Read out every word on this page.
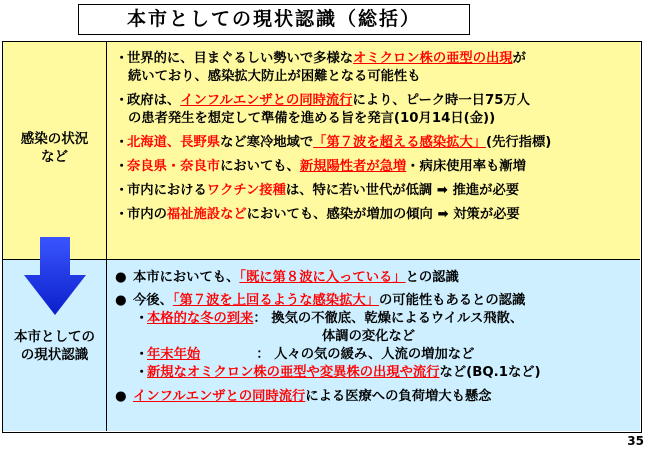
本市としての現状認識（総括）
感染の状況
など
・世界的に、目まぐるしい勢いで多様なオミクロン株の亜型の出現が
続いており、感染拡大防止が困難となる可能性も
・政府は、インフルエンザとの同時流行により、ピーク時一日75万人
の患者発生を想定して準備を進める旨を発言(10月14日(金))
・北海道、長野県など寒冷地域で「第７波を超える感染拡大」(先行指標)
・奈良県・奈良市においても、新規陽性者が急増・病床使用率も漸増
・市内におけるワクチン接種は、特に若い世代が低調 ➡ 推進が必要
・市内の福祉施設などにおいても、感染が増加の傾向 ➡ 対策が必要
本市としての
の現状認識
● 本市においても、「既に第８波に入っている」との認識
● 今後、「第７波を上回るような感染拡大」の可能性もあるとの認識
・本格的な冬の到来： 換気の不徹底、乾燥によるウイルス飛散、
体調の変化など
・年末年始	： 人々の気の緩み、人流の増加など
・新規なオミクロン株の亜型や変異株の出現や流行など(BQ.1など)
● インフルエンザとの同時流行による医療への負荷増大も懸念
35
